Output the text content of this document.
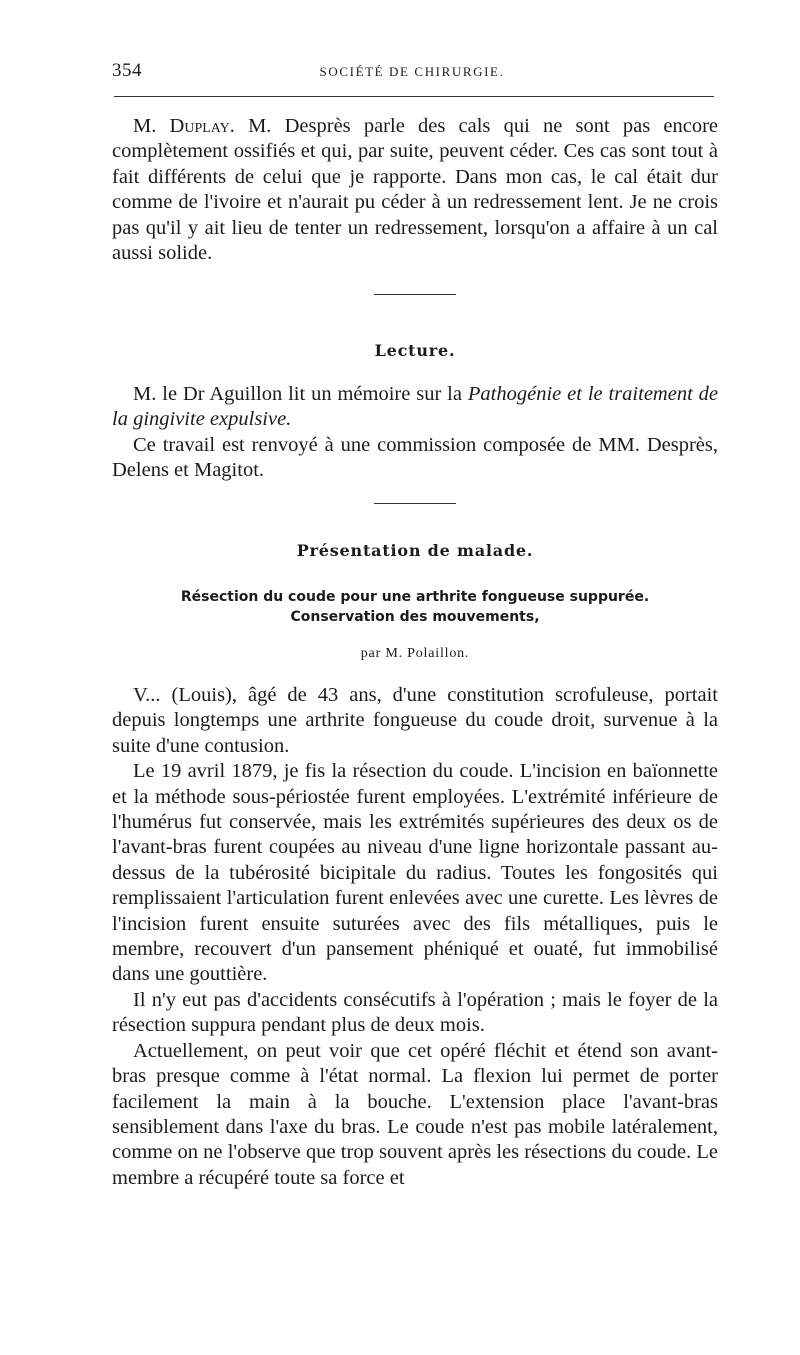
354	SOCIÉTÉ DE CHIRURGIE.

M. Duplay. M. Desprès parle des cals qui ne sont pas encore complètement ossifiés et qui, par suite, peuvent céder. Ces cas sont tout à fait différents de celui que je rapporte. Dans mon cas, le cal était dur comme de l'ivoire et n'aurait pu céder à un redressement lent. Je ne crois pas qu'il y ait lieu de tenter un redressement, lorsqu'on a affaire à un cal aussi solide.

Lecture.

M. le Dr Aguillon lit un mémoire sur la Pathogénie et le traitement de la gingivite expulsive.

Ce travail est renvoyé à une commission composée de MM. Desprès, Delens et Magitot.

Présentation de malade.
Résection du coude pour une arthrite fongueuse suppurée.
Conservation des mouvements,
par M. Polaillon.

V... (Louis), âgé de 43 ans, d'une constitution scrofuleuse, portait depuis longtemps une arthrite fongueuse du coude droit, survenue à la suite d'une contusion.

Le 19 avril 1879, je fis la résection du coude. L'incision en baïonnette et la méthode sous-périostée furent employées. L'extrémité inférieure de l'humérus fut conservée, mais les extrémités supérieures des deux os de l'avant-bras furent coupées au niveau d'une ligne horizontale passant au-dessus de la tubérosité bicipitale du radius. Toutes les fongosités qui remplissaient l'articulation furent enlevées avec une curette. Les lèvres de l'incision furent ensuite suturées avec des fils métalliques, puis le membre, recouvert d'un pansement phéniqué et ouaté, fut immobilisé dans une gouttière.

Il n'y eut pas d'accidents consécutifs à l'opération ; mais le foyer de la résection suppura pendant plus de deux mois.

Actuellement, on peut voir que cet opéré fléchit et étend son avant-bras presque comme à l'état normal. La flexion lui permet de porter facilement la main à la bouche. L'extension place l'avant-bras sensiblement dans l'axe du bras. Le coude n'est pas mobile latéralement, comme on ne l'observe que trop souvent après les résections du coude. Le membre a récupéré toute sa force et
